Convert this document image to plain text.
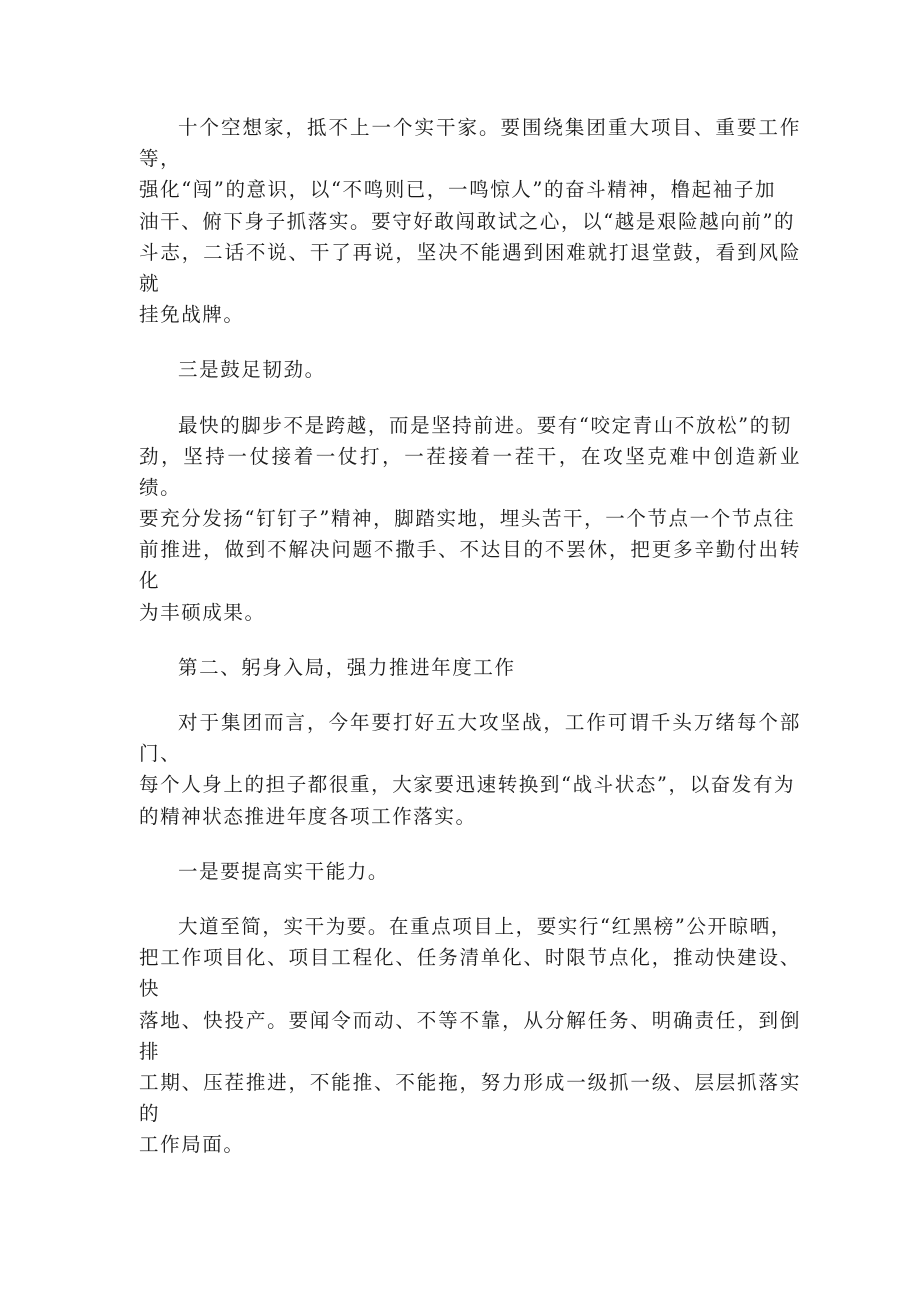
十个空想家，抵不上一个实干家。要围绕集团重大项目、重要工作等，
强化“闯”的意识，以“不鸣则已，一鸣惊人”的奋斗精神，橹起袖子加
油干、俯下身子抓落实。要守好敢闯敢试之心，以“越是艰险越向前”的
斗志，二话不说、干了再说，坚决不能遇到困难就打退堂鼓，看到风险就
挂免战牌。

三是鼓足韧劲。

最快的脚步不是跨越，而是坚持前进。要有“咬定青山不放松”的韧
劲，坚持一仗接着一仗打，一茬接着一茬干，在攻坚克难中创造新业绩。
要充分发扬“钉钉子”精神，脚踏实地，埋头苦干，一个节点一个节点往
前推进，做到不解决问题不撒手、不达目的不罢休，把更多辛勤付出转化
为丰硕成果。

第二、躬身入局，强力推进年度工作

对于集团而言，今年要打好五大攻坚战，工作可谓千头万绪每个部门、
每个人身上的担子都很重，大家要迅速转换到“战斗状态”，以奋发有为
的精神状态推进年度各项工作落实。

一是要提高实干能力。

大道至简，实干为要。在重点项目上，要实行“红黑榜”公开晾晒，
把工作项目化、项目工程化、任务清单化、时限节点化，推动快建设、快
落地、快投产。要闻令而动、不等不靠，从分解任务、明确责任，到倒排
工期、压茬推进，不能推、不能拖，努力形成一级抓一级、层层抓落实的
工作局面。
